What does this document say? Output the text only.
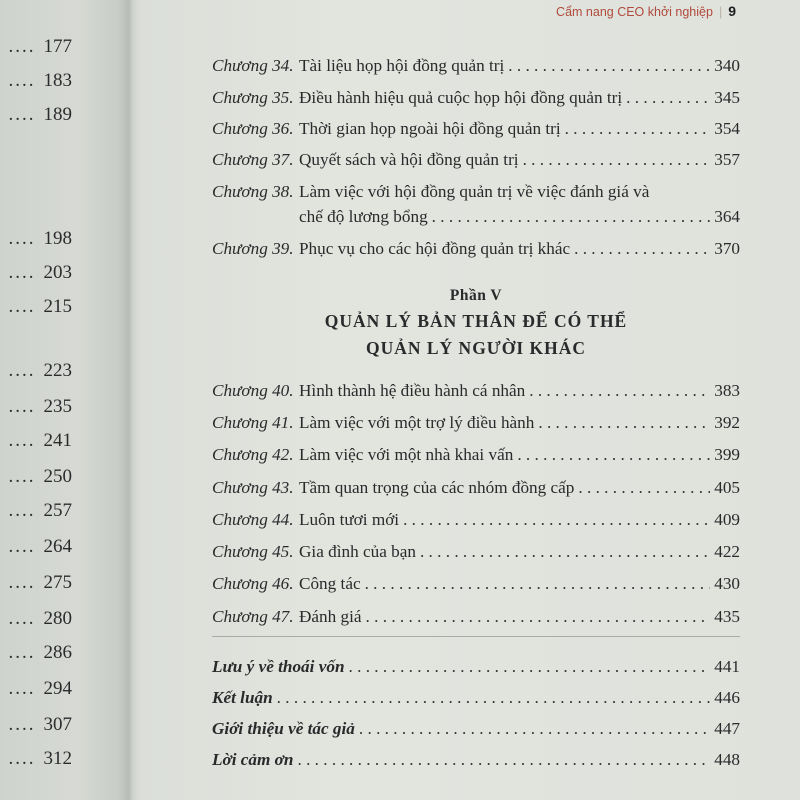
.... 177
.... 183
.... 189
.... 198
.... 203
.... 215
.... 223
.... 235
.... 241
.... 250
.... 257
.... 264
.... 275
.... 280
.... 286
.... 294
.... 307
.... 312
Cẩm nang CEO khởi nghiệp | 9
Chương 34. Tài liệu họp hội đồng quản trị . . .	340
Chương 35. Điều hành hiệu quả cuộc họp hội đồng quản trị . . .	345
Chương 36. Thời gian họp ngoài hội đồng quản trị . . .	354
Chương 37. Quyết sách và hội đồng quản trị . . .	357
Chương 38. Làm việc với hội đồng quản trị về việc đánh giá và
chế độ lương bổng . . .	364
Chương 39. Phục vụ cho các hội đồng quản trị khác . . .	370
Phần V
QUẢN LÝ BẢN THÂN ĐỂ CÓ THỂ
QUẢN LÝ NGƯỜI KHÁC
Chương 40. Hình thành hệ điều hành cá nhân . . .	383
Chương 41. Làm việc với một trợ lý điều hành . . .	392
Chương 42. Làm việc với một nhà khai vấn . . .	399
Chương 43. Tầm quan trọng của các nhóm đồng cấp . . .	405
Chương 44. Luôn tươi mới . . .	409
Chương 45. Gia đình của bạn . . .	422
Chương 46. Công tác . . .	430
Chương 47. Đánh giá . . .	435
Lưu ý về thoái vốn . . .	441
Kết luận . . .	446
Giới thiệu về tác giả . . .	447
Lời cảm ơn . . .	448
